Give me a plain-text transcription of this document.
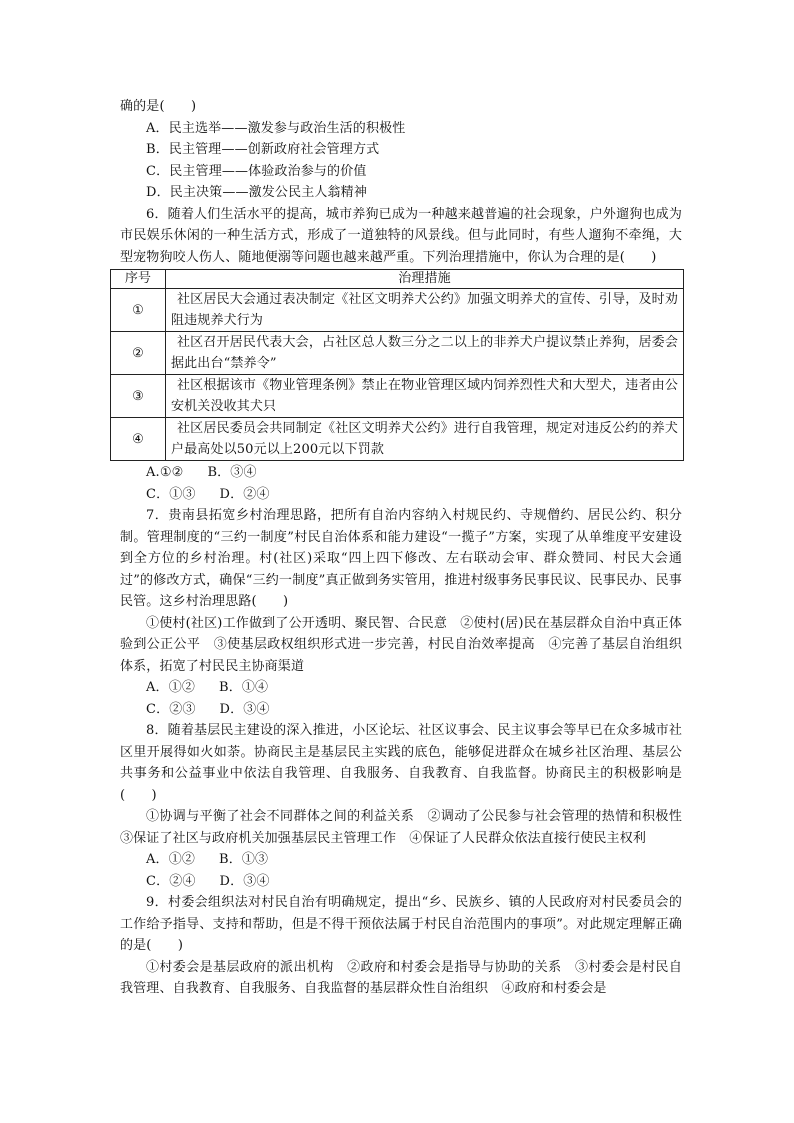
确的是(　　)

A．民主选举——激发参与政治生活的积极性

B．民主管理——创新政府社会管理方式

C．民主管理——体验政治参与的价值

D．民主决策——激发公民主人翁精神

6．随着人们生活水平的提高，城市养狗已成为一种越来越普遍的社会现象，户外遛狗也成为市民娱乐休闲的一种生活方式，形成了一道独特的风景线。但与此同时，有些人遛狗不牵绳，大型宠物狗咬人伤人、随地便溺等问题也越来越严重。下列治理措施中，你认为合理的是(　　)

序号	治理措施
①	社区居民大会通过表决制定《社区文明养犬公约》加强文明养犬的宣传、引导，及时劝阻违规养犬行为

②	社区召开居民代表大会，占社区总人数三分之二以上的非养犬户提议禁止养狗，居委会据此出台“禁养令”

③	社区根据该市《物业管理条例》禁止在物业管理区域内饲养烈性犬和大型犬，违者由公安机关没收其犬只

④	社区居民委员会共同制定《社区文明养犬公约》进行自我管理，规定对违反公约的养犬户最高处以50元以上200元以下罚款

A.①② B．③④

C．①③ D．②④

7．贵南县拓宽乡村治理思路，把所有自治内容纳入村规民约、寺规僧约、居民公约、积分制。管理制度的“三约一制度”村民自治体系和能力建设“一揽子”方案，实现了从单维度平安建设到全方位的乡村治理。村(社区)采取“四上四下修改、左右联动会审、群众赞同、村民大会通过”的修改方式，确保“三约一制度”真正做到务实管用，推进村级事务民事民议、民事民办、民事民管。这乡村治理思路(　　)

①使村(社区)工作做到了公开透明、聚民智、合民意　②使村(居)民在基层群众自治中真正体验到公正公平　③使基层政权组织形式进一步完善，村民自治效率提高　④完善了基层自治组织体系，拓宽了村民民主协商渠道

A．①② B．①④

C．②③ D．③④

8．随着基层民主建设的深入推进，小区论坛、社区议事会、民主议事会等早已在众多城市社区里开展得如火如荼。协商民主是基层民主实践的底色，能够促进群众在城乡社区治理、基层公共事务和公益事业中依法自我管理、自我服务、自我教育、自我监督。协商民主的积极影响是(　　)

①协调与平衡了社会不同群体之间的利益关系　②调动了公民参与社会管理的热情和积极性　③保证了社区与政府机关加强基层民主管理工作　④保证了人民群众依法直接行使民主权利

A．①② B．①③

C．②④ D．③④

9．村委会组织法对村民自治有明确规定，提出“乡、民族乡、镇的人民政府对村民委员会的工作给予指导、支持和帮助，但是不得干预依法属于村民自治范围内的事项”。对此规定理解正确的是(　　)

①村委会是基层政府的派出机构　②政府和村委会是指导与协助的关系　③村委会是村民自我管理、自我教育、自我服务、自我监督的基层群众性自治组织　④政府和村委会是
